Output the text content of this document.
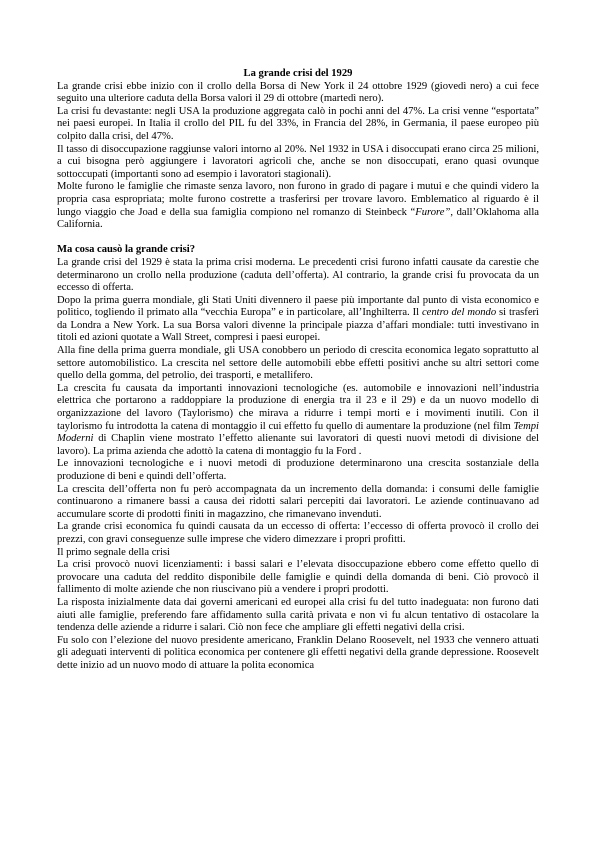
La grande crisi del 1929

La grande crisi ebbe inizio con il crollo della Borsa di New York il 24 ottobre 1929 (giovedì nero) a cui fece seguito una ulteriore caduta della Borsa valori il 29 di ottobre (martedì nero).

La crisi fu devastante: negli USA la produzione aggregata calò in pochi anni del 47%. La crisi venne “esportata” nei paesi europei. In Italia il crollo del PIL fu del 33%, in Francia del 28%, in Germania, il paese europeo più colpito dalla crisi, del 47%.

Il tasso di disoccupazione raggiunse valori intorno al 20%. Nel 1932 in USA i disoccupati erano circa 25 milioni, a cui bisogna però aggiungere i lavoratori agricoli che, anche se non disoccupati, erano quasi ovunque sottoccupati (importanti sono ad esempio i lavoratori stagionali).

Molte furono le famiglie che rimaste senza lavoro, non furono in grado di pagare i mutui e che quindi videro la propria casa espropriata; molte furono costrette a trasferirsi per trovare lavoro. Emblematico al riguardo è il lungo viaggio che Joad e della sua famiglia compiono nel romanzo di Steinbeck “Furore”, dall’Oklahoma alla California.

Ma cosa causò la grande crisi?

La grande crisi del 1929 è stata la prima crisi moderna. Le precedenti crisi furono infatti causate da carestie che determinarono un crollo nella produzione (caduta dell’offerta). Al contrario, la grande crisi fu provocata da un eccesso di offerta.

Dopo la prima guerra mondiale, gli Stati Uniti divennero il paese più importante dal punto di vista economico e politico, togliendo il primato alla “vecchia Europa” e in particolare, all’Inghilterra. Il centro del mondo si trasferì da Londra a New York. La sua Borsa valori divenne la principale piazza d’affari mondiale: tutti investivano in titoli ed azioni quotate a Wall Street, compresi i paesi europei.

Alla fine della prima guerra mondiale, gli USA conobbero un periodo di crescita economica legato soprattutto al settore automobilistico. La crescita nel settore delle automobili ebbe effetti positivi anche su altri settori come quello della gomma, del petrolio, dei trasporti, e metallifero.

La crescita fu causata da importanti innovazioni tecnologiche (es. automobile e innovazioni nell’industria elettrica che portarono a raddoppiare la produzione di energia tra il 23 e il 29) e da un nuovo modello di organizzazione del lavoro (Taylorismo) che mirava a ridurre i tempi morti e i movimenti inutili. Con il taylorismo fu introdotta la catena di montaggio il cui effetto fu quello di aumentare la produzione (nel film Tempi Moderni di Chaplin viene mostrato l’effetto alienante sui lavoratori di questi nuovi metodi di divisione del lavoro). La prima azienda che adottò la catena di montaggio fu la Ford .

Le innovazioni tecnologiche e i nuovi metodi di produzione determinarono una crescita sostanziale della produzione di beni e quindi dell’offerta.

La crescita dell’offerta non fu però accompagnata da un incremento della domanda: i consumi delle famiglie continuarono a rimanere bassi a causa dei ridotti salari percepiti dai lavoratori. Le aziende continuavano ad accumulare scorte di prodotti finiti in magazzino, che rimanevano invenduti.

La grande crisi economica fu quindi causata da un eccesso di offerta: l’eccesso di offerta provocò il crollo dei prezzi, con gravi conseguenze sulle imprese che videro dimezzare i propri profitti.

Il primo segnale della crisi

La crisi provocò nuovi licenziamenti: i bassi salari e l’elevata disoccupazione ebbero come effetto quello di provocare una caduta del reddito disponibile delle famiglie e quindi della domanda di beni. Ciò provocò il fallimento di molte aziende che non riuscivano più a vendere i propri prodotti.

La risposta inizialmente data dai governi americani ed europei alla crisi fu del tutto inadeguata: non furono dati aiuti alle famiglie, preferendo fare affidamento sulla carità privata e non vi fu alcun tentativo di ostacolare la tendenza delle aziende a ridurre i salari. Ciò non fece che ampliare gli effetti negativi della crisi.

Fu solo con l’elezione del nuovo presidente americano, Franklin Delano Roosevelt, nel 1933 che vennero attuati gli adeguati interventi di politica economica per contenere gli effetti negativi della grande depressione. Roosevelt dette inizio ad un nuovo modo di attuare la polita economica
